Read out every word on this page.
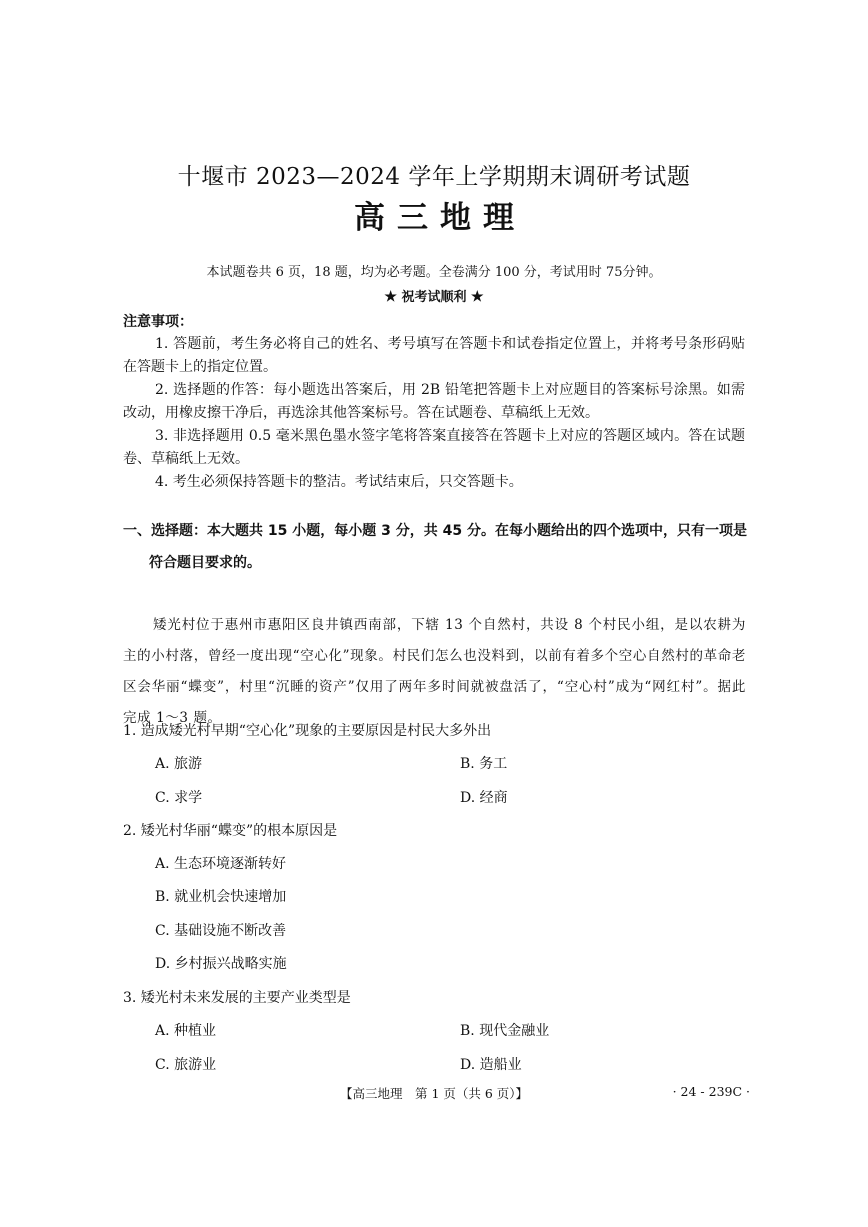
十堰市 2023—2024 学年上学期期末调研考试题
高三地理
本试题卷共 6 页，18 题，均为必考题。全卷满分 100 分，考试用时 75分钟。
★ 祝考试顺利 ★
注意事项：

1. 答题前，考生务必将自己的姓名、考号填写在答题卡和试卷指定位置上，并将考号条形码贴在答题卡上的指定位置。

2. 选择题的作答：每小题选出答案后，用 2B 铅笔把答题卡上对应题目的答案标号涂黑。如需改动，用橡皮擦干净后，再选涂其他答案标号。答在试题卷、草稿纸上无效。

3. 非选择题用 0.5 毫米黑色墨水签字笔将答案直接答在答题卡上对应的答题区域内。答在试题卷、草稿纸上无效。

4. 考生必须保持答题卡的整洁。考试结束后，只交答题卡。

一、选择题：本大题共 15 小题，每小题 3 分，共 45 分。在每小题给出的四个选项中，只有一项是
符合题目要求的。

矮光村位于惠州市惠阳区良井镇西南部，下辖 13 个自然村，共设 8 个村民小组，是以农耕为主的小村落，曾经一度出现“空心化”现象。村民们怎么也没料到，以前有着多个空心自然村的革命老区会华丽“蝶变”，村里“沉睡的资产”仅用了两年多时间就被盘活了，“空心村”成为“网红村”。据此完成 1～3 题。

1. 造成矮光村早期“空心化”现象的主要原因是村民大多外出

A. 旅游	B. 务工
C. 求学	D. 经商

2. 矮光村华丽“蝶变”的根本原因是

A. 生态环境逐渐转好
B. 就业机会快速增加
C. 基础设施不断改善
D. 乡村振兴战略实施

3. 矮光村未来发展的主要产业类型是

A. 种植业	B. 现代金融业
C. 旅游业	D. 造船业
【高三地理　第 1 页（共 6 页）】	· 24 - 239C ·
